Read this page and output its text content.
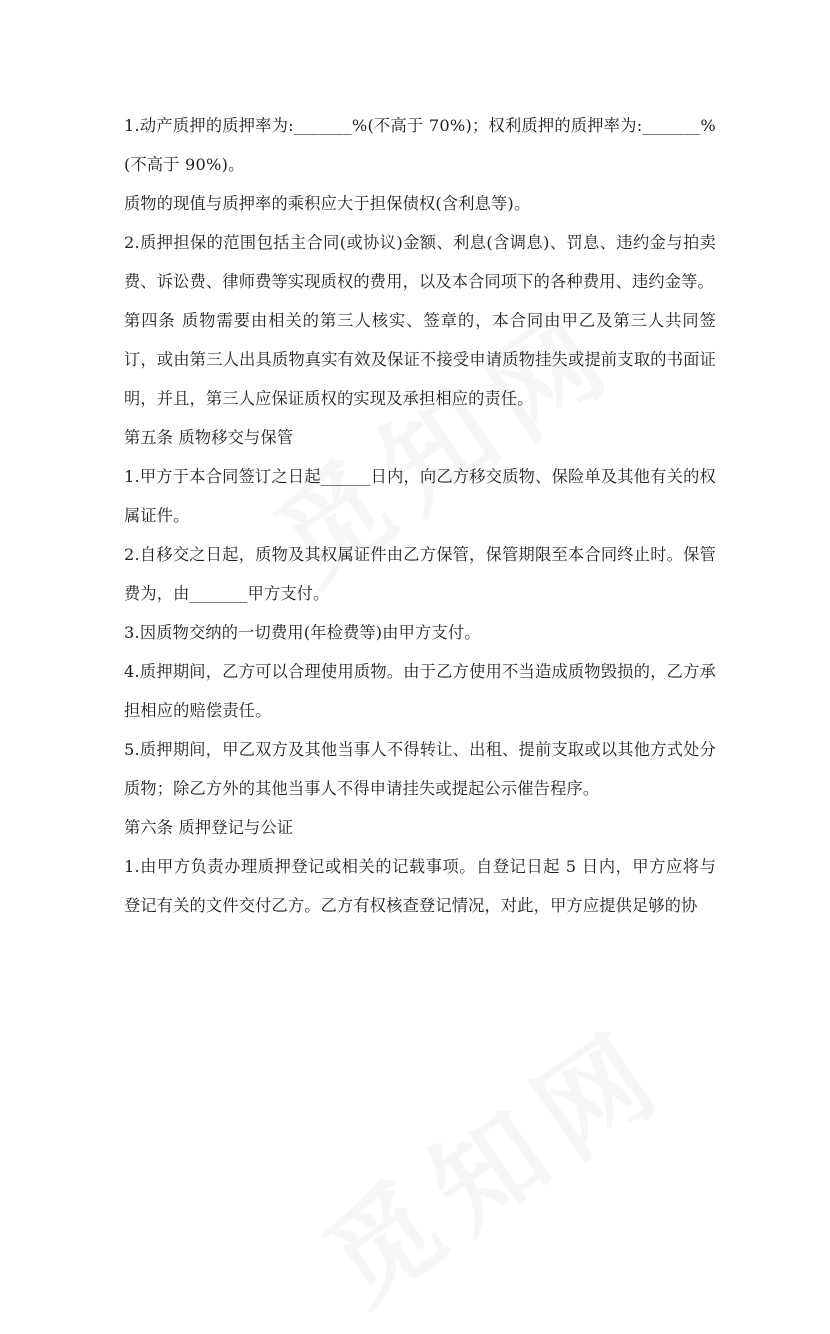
1.动产质押的质押率为:_______%(不高于 70%)；权利质押的质押率为:_______%(不高于 90%)。

质物的现值与质押率的乘积应大于担保债权(含利息等)。

2.质押担保的范围包括主合同(或协议)金额、利息(含调息)、罚息、违约金与拍卖费、诉讼费、律师费等实现质权的费用，以及本合同项下的各种费用、违约金等。

第四条 质物需要由相关的第三人核实、签章的，本合同由甲乙及第三人共同签订，或由第三人出具质物真实有效及保证不接受申请质物挂失或提前支取的书面证明，并且，第三人应保证质权的实现及承担相应的责任。

第五条 质物移交与保管

1.甲方于本合同签订之日起______日内，向乙方移交质物、保险单及其他有关的权属证件。

2.自移交之日起，质物及其权属证件由乙方保管，保管期限至本合同终止时。保管费为，由_______甲方支付。

3.因质物交纳的一切费用(年检费等)由甲方支付。

4.质押期间，乙方可以合理使用质物。由于乙方使用不当造成质物毁损的，乙方承担相应的赔偿责任。

5.质押期间，甲乙双方及其他当事人不得转让、出租、提前支取或以其他方式处分质物；除乙方外的其他当事人不得申请挂失或提起公示催告程序。

第六条 质押登记与公证

1.由甲方负责办理质押登记或相关的记载事项。自登记日起 5 日内，甲方应将与登记有关的文件交付乙方。乙方有权核查登记情况，对此，甲方应提供足够的协
